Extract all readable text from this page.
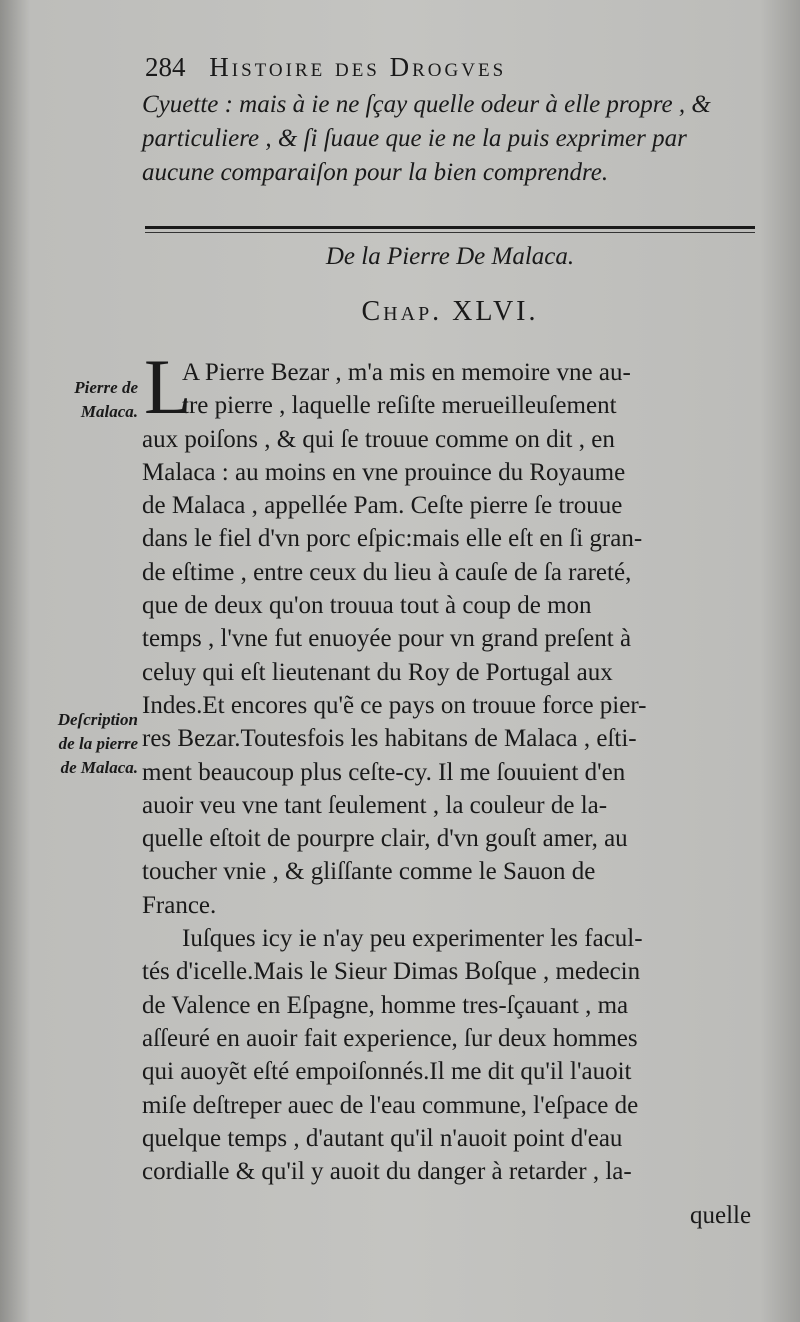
284 Histoire des Drogves
Cyuette : mais à ie ne ſçay quelle odeur à elle propre , &
particuliere , & ſi ſuaue que ie ne la puis exprimer par
aucune comparaiſon pour la bien comprendre.
De la Pierre De Malaca.
Chap. XLVI.
Pierre de Malaca.
Deſcription de la pierre de Malaca.
L
A Pierre Bezar , m'a mis en memoire vne au-
tre pierre , laquelle reſiſte merueilleuſement
aux poiſons , & qui ſe trouue comme on dit , en
Malaca : au moins en vne prouince du Royaume
de Malaca , appellée Pam. Ceſte pierre ſe trouue
dans le fiel d'vn porc eſpic:mais elle eſt en ſi gran-
de eſtime , entre ceux du lieu à cauſe de ſa rareté,
que de deux qu'on trouua tout à coup de mon
temps , l'vne fut enuoyée pour vn grand preſent à
celuy qui eſt lieutenant du Roy de Portugal aux
Indes.Et encores qu'ẽ ce pays on trouue force pier-
res Bezar.Toutesfois les habitans de Malaca , eſti-
ment beaucoup plus ceſte-cy. Il me ſouuient d'en
auoir veu vne tant ſeulement , la couleur de la-
quelle eſtoit de pourpre clair, d'vn gouſt amer, au
toucher vnie , & gliſſante comme le Sauon de
France.
Iuſques icy ie n'ay peu experimenter les facul-
tés d'icelle.Mais le Sieur Dimas Boſque , medecin
de Valence en Eſpagne, homme tres-ſçauant , ma
aſſeuré en auoir fait experience, ſur deux hommes
qui auoyẽt eſté empoiſonnés.Il me dit qu'il l'auoit
miſe deſtreper auec de l'eau commune, l'eſpace de
quelque temps , d'autant qu'il n'auoit point d'eau
cordialle & qu'il y auoit du danger à retarder , la-
quelle
